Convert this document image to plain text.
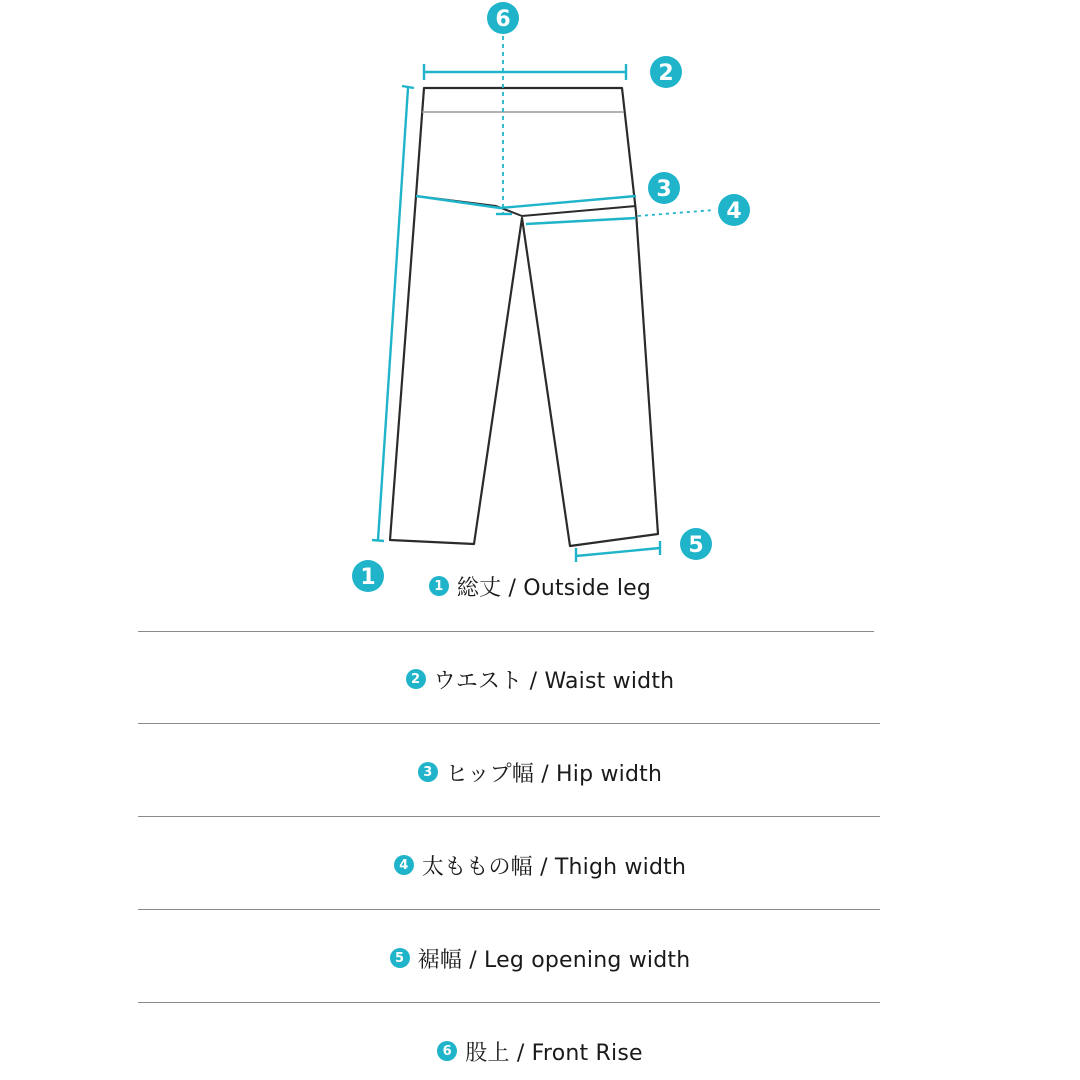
1
2
3
4
5
6
1 総丈 / Outside leg
2 ウエスト / Waist width
3 ヒップ幅 / Hip width
4 太ももの幅 / Thigh width
5 裾幅 / Leg opening width
6 股上 / Front Rise
